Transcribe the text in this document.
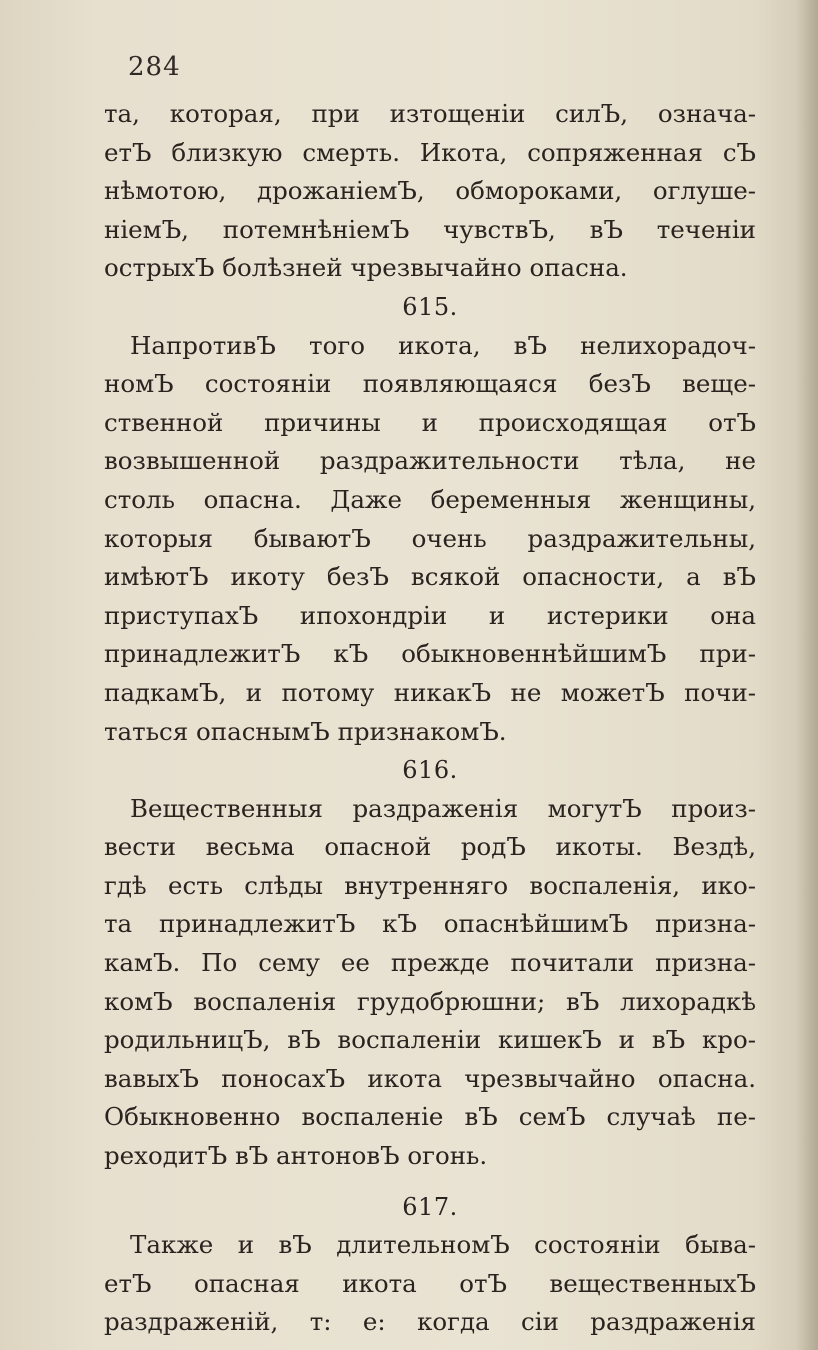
284
та, которая, при изтощенiи силЪ, означа-
етЪ близкую смерть. Икота, сопряженная сЪ
нѣмотою, дрожанiемЪ, обмороками, оглуше-
нiемЪ, потемнѣнiемЪ чувствЪ, вЪ теченiи
острыхЪ болѣзней чрезвычайно опасна.
615.
НапротивЪ того икота, вЪ нелихорадоч-
номЪ состоянiи появляющаяся безЪ веще-
ственной причины и происходящая отЪ
возвышенной раздражительности тѣла, не
столь опасна. Даже беременныя женщины,
которыя бываютЪ очень раздражительны,
имѣютЪ икоту безЪ всякой опасности, а вЪ
приступахЪ ипохондрiи и истерики она
принадлежитЪ кЪ обыкновеннѣйшимЪ при-
падкамЪ, и потому никакЪ не можетЪ почи-
таться опаснымЪ признакомЪ.
616.
Вещественныя раздраженiя могутЪ произ-
вести весьма опасной родЪ икоты. Вездѣ,
гдѣ есть слѣды внутренняго воспаленiя, ико-
та принадлежитЪ кЪ опаснѣйшимЪ призна-
камЪ. По сему ее прежде почитали призна-
комЪ воспаленiя грудобрюшни; вЪ лихорадкѣ
родильницЪ, вЪ воспаленiи кишекЪ и вЪ кро-
вавыхЪ поносахЪ икота чрезвычайно опасна.
Обыкновенно воспаленiе вЪ семЪ случаѣ пе-
реходитЪ вЪ антоновЪ огонь.
617.
Также и вЪ длительномЪ состоянiи быва-
етЪ опасная икота отЪ вещественныхЪ
раздраженiй, т: е: когда сiи раздраженiя
